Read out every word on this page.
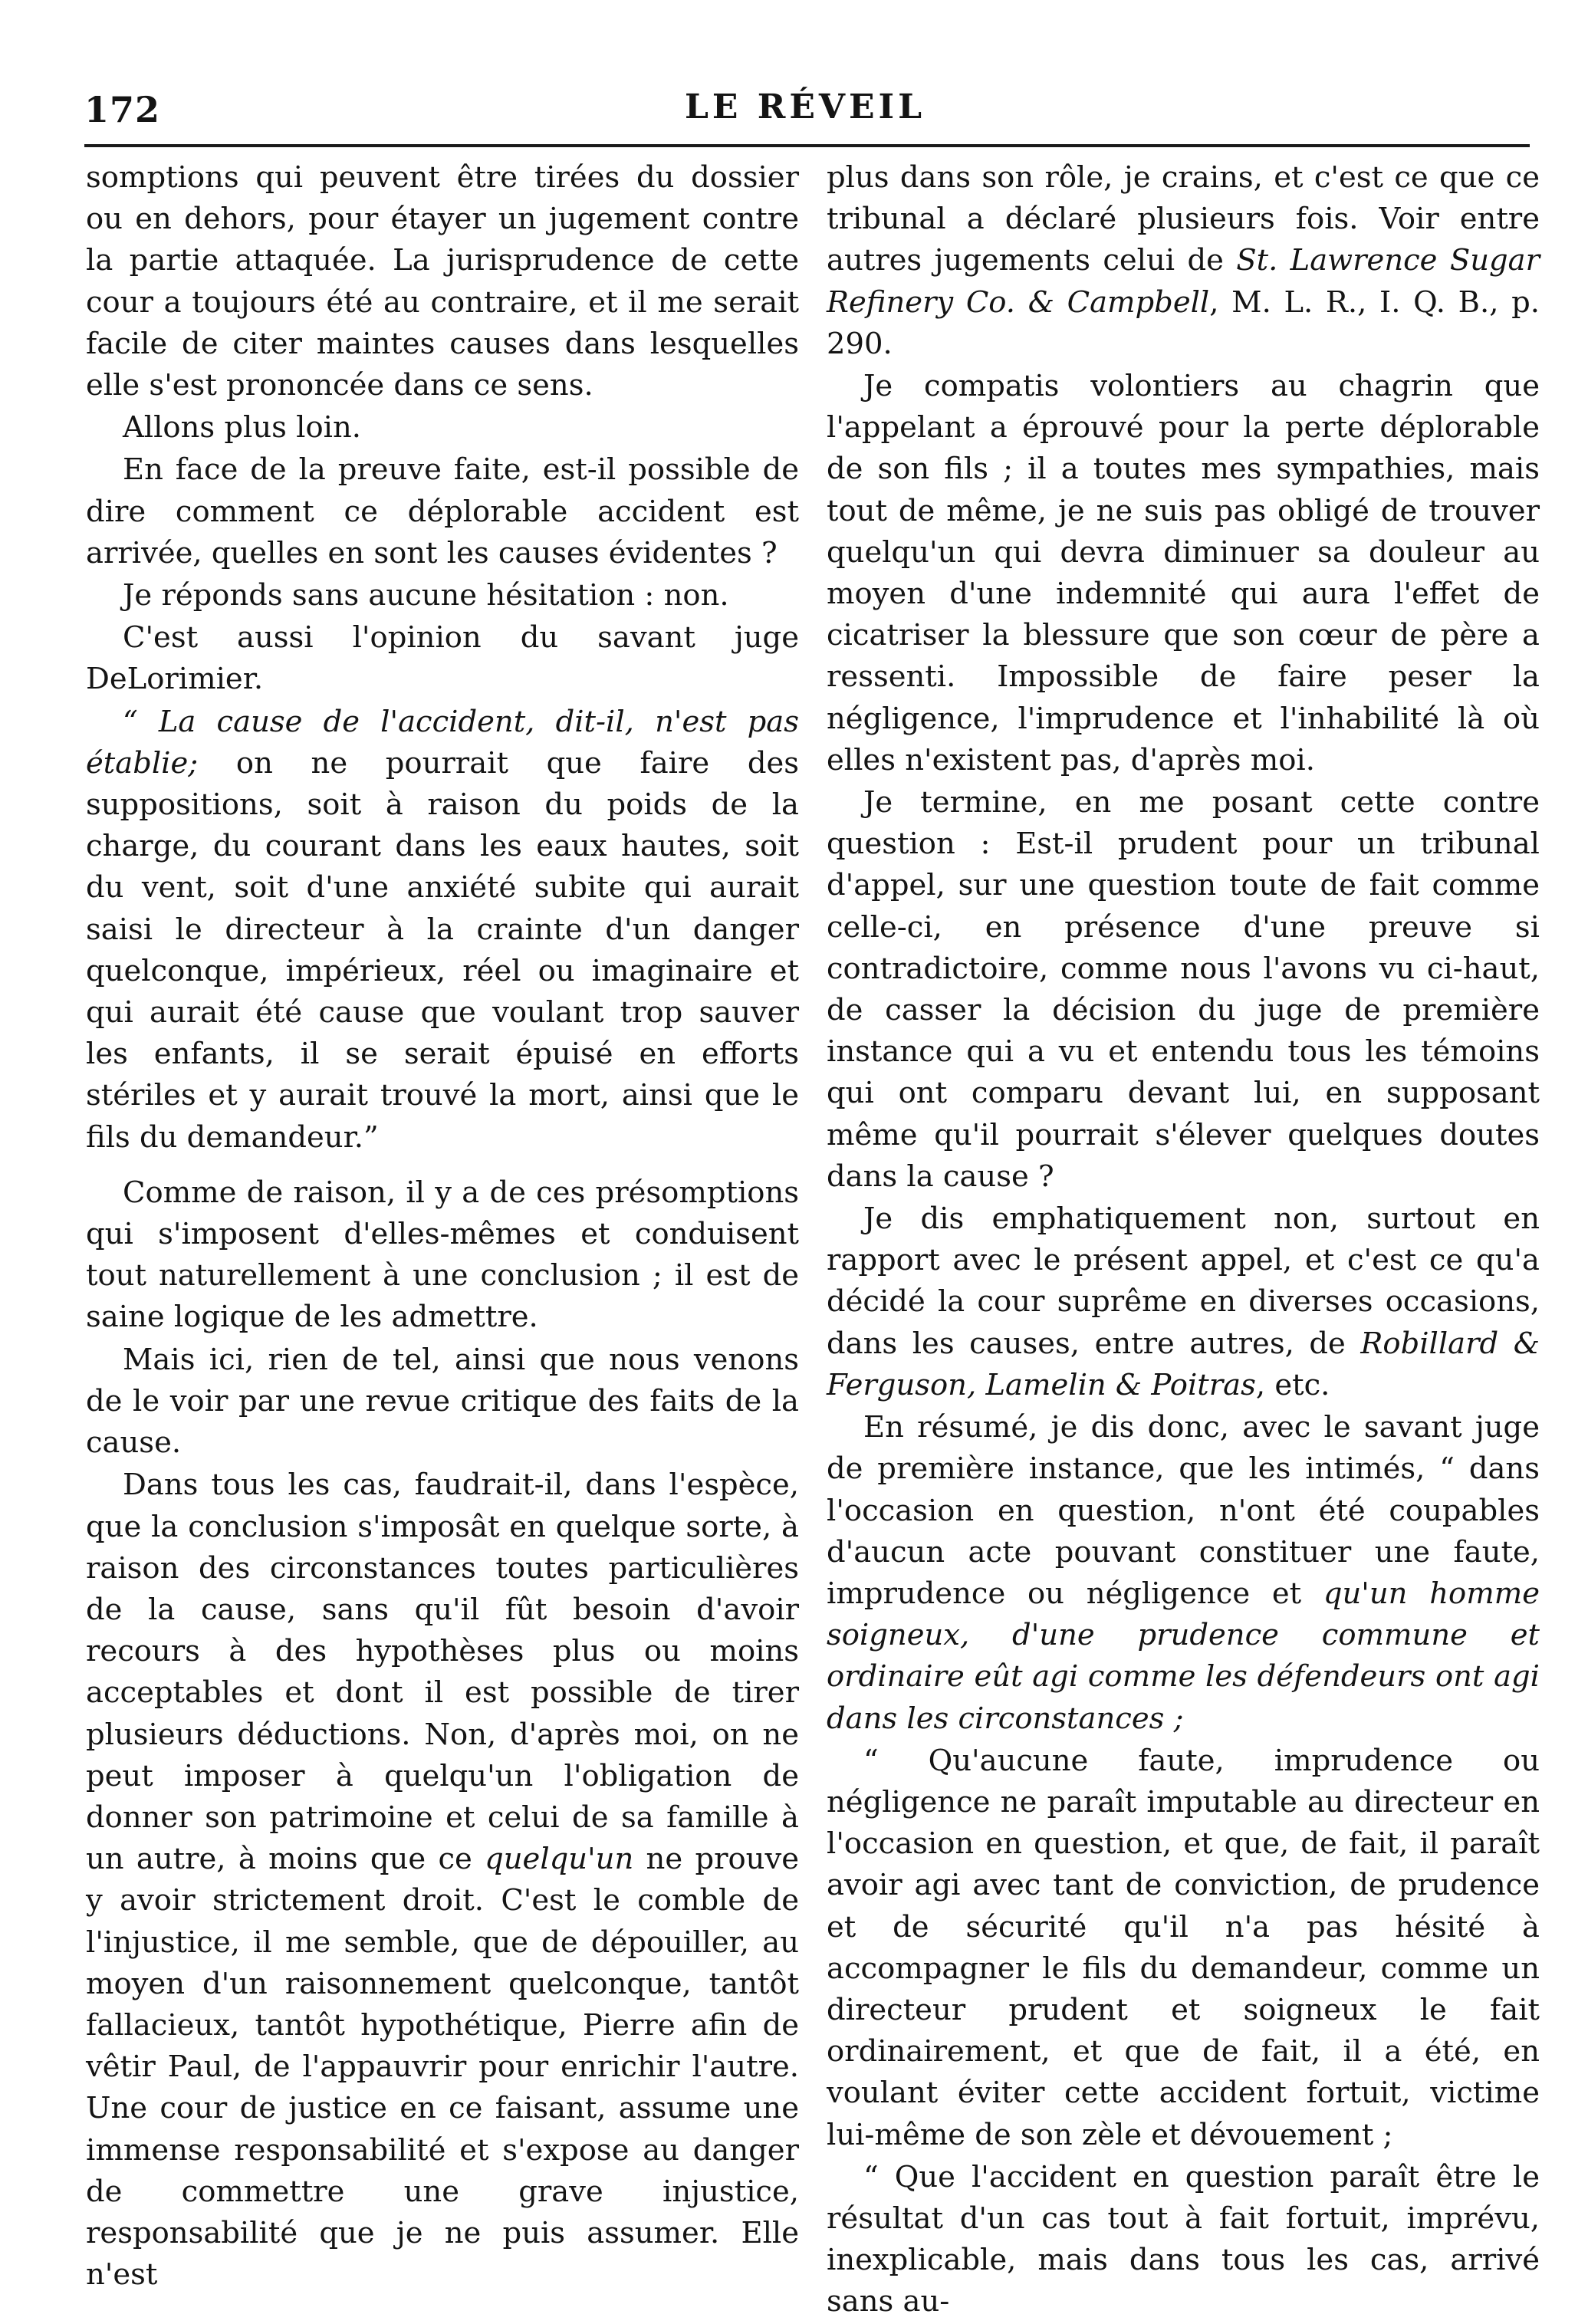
172	LE RÉVEIL

somptions qui peuvent être tirées du dossier ou en dehors, pour étayer un jugement contre la partie attaquée. La jurisprudence de cette cour a toujours été au contraire, et il me serait facile de citer maintes causes dans lesquelles elle s'est prononcée dans ce sens.

Allons plus loin.

En face de la preuve faite, est-il possible de dire comment ce déplorable accident est arrivée, quelles en sont les causes évidentes ?

Je réponds sans aucune hésitation : non.

C'est aussi l'opinion du savant juge DeLorimier.

“ La cause de l'accident, dit-il, n'est pas établie; on ne pourrait que faire des suppositions, soit à raison du poids de la charge, du courant dans les eaux hautes, soit du vent, soit d'une anxiété subite qui aurait saisi le directeur à la crainte d'un danger quelconque, impérieux, réel ou imaginaire et qui aurait été cause que voulant trop sauver les enfants, il se serait épuisé en efforts stériles et y aurait trouvé la mort, ainsi que le fils du demandeur.”

Comme de raison, il y a de ces présomptions qui s'imposent d'elles-mêmes et conduisent tout naturellement à une conclusion ; il est de saine logique de les admettre.

Mais ici, rien de tel, ainsi que nous venons de le voir par une revue critique des faits de la cause.

Dans tous les cas, faudrait-il, dans l'espèce, que la conclusion s'imposât en quelque sorte, à raison des circonstances toutes particulières de la cause, sans qu'il fût besoin d'avoir recours à des hypothèses plus ou moins acceptables et dont il est possible de tirer plusieurs déductions. Non, d'après moi, on ne peut imposer à quelqu'un l'obligation de donner son patrimoine et celui de sa famille à un autre, à moins que ce quelqu'un ne prouve y avoir strictement droit. C'est le comble de l'injustice, il me semble, que de dépouiller, au moyen d'un raisonnement quelconque, tantôt fallacieux, tantôt hypothétique, Pierre afin de vêtir Paul, de l'appauvrir pour enrichir l'autre. Une cour de justice en ce faisant, assume une immense responsabilité et s'expose au danger de commettre une grave injustice, responsabilité que je ne puis assumer. Elle n'est

plus dans son rôle, je crains, et c'est ce que ce tribunal a déclaré plusieurs fois. Voir entre autres jugements celui de St. Lawrence Sugar Refinery Co. & Campbell, M. L. R., I. Q. B., p. 290.

Je compatis volontiers au chagrin que l'appelant a éprouvé pour la perte déplorable de son fils ; il a toutes mes sympathies, mais tout de même, je ne suis pas obligé de trouver quelqu'un qui devra diminuer sa douleur au moyen d'une indemnité qui aura l'effet de cicatriser la blessure que son cœur de père a ressenti. Impossible de faire peser la négligence, l'imprudence et l'inhabilité là où elles n'existent pas, d'après moi.

Je termine, en me posant cette contre question : Est-il prudent pour un tribunal d'appel, sur une question toute de fait comme celle-ci, en présence d'une preuve si contradictoire, comme nous l'avons vu ci-haut, de casser la décision du juge de première instance qui a vu et entendu tous les témoins qui ont comparu devant lui, en supposant même qu'il pourrait s'élever quelques doutes dans la cause ?

Je dis emphatiquement non, surtout en rapport avec le présent appel, et c'est ce qu'a décidé la cour suprême en diverses occasions, dans les causes, entre autres, de Robillard & Ferguson, Lamelin & Poitras, etc.

En résumé, je dis donc, avec le savant juge de première instance, que les intimés, “ dans l'occasion en question, n'ont été coupables d'aucun acte pouvant constituer une faute, imprudence ou négligence et qu'un homme soigneux, d'une prudence commune et ordinaire eût agi comme les défendeurs ont agi dans les circonstances ;

“ Qu'aucune faute, imprudence ou négligence ne paraît imputable au directeur en l'occasion en question, et que, de fait, il paraît avoir agi avec tant de conviction, de prudence et de sécurité qu'il n'a pas hésité à accompagner le fils du demandeur, comme un directeur prudent et soigneux le fait ordinairement, et que de fait, il a été, en voulant éviter cette accident fortuit, victime lui-même de son zèle et dévouement ;

“ Que l'accident en question paraît être le résultat d'un cas tout à fait fortuit, imprévu, inexplicable, mais dans tous les cas, arrivé sans au-
